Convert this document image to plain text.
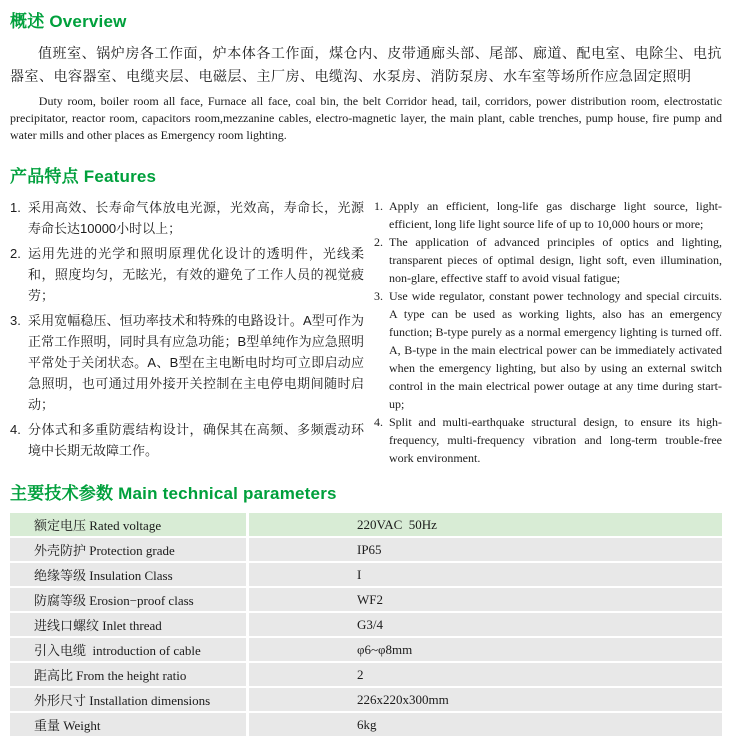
概述 Overview

值班室、锅炉房各工作面，炉本体各工作面，煤仓内、皮带通廊头部、尾部、廊道、配电室、电除尘、电抗器室、电容器室、电缆夹层、电磁层、主厂房、电缆沟、水泵房、消防泵房、水车室等场所作应急固定照明

Duty room, boiler room all face, Furnace all face, coal bin, the belt Corridor head, tail, corridors, power distribution room, electrostatic precipitator, reactor room, capacitors room,mezzanine cables, electro-magnetic layer, the main plant, cable trenches, pump house, fire pump and water mills and other places as Emergency room lighting.

产品特点 Features
1. 采用高效、长寿命气体放电光源，光效高，寿命长，光源寿命长达10000小时以上；
2. 运用先进的光学和照明原理优化设计的透明件，光线柔和，照度均匀，无眩光，有效的避免了工作人员的视觉疲劳；
3. 采用宽幅稳压、恒功率技术和特殊的电路设计。A型可作为正常工作照明，同时具有应急功能；B型单纯作为应急照明平常处于关闭状态。A、B型在主电断电时均可立即启动应急照明，也可通过用外接开关控制在主电停电期间随时启动；
4. 分体式和多重防震结构设计，确保其在高频、多频震动环境中长期无故障工作。
1. Apply an efficient, long-life gas discharge light source, light-efficient, long life light source life of up to 10,000 hours or more;
2. The application of advanced principles of optics and lighting, transparent pieces of optimal design, light soft, even illumination, non-glare, effective staff to avoid visual fatigue;
3. Use wide regulator, constant power technology and special circuits. A type can be used as working lights, also has an emergency function; B-type purely as a normal emergency lighting is turned off. A, B-type in the main electrical power can be immediately activated when the emergency lighting, but also by using an external switch control in the main electrical power outage at any time during start-up;
4. Split and multi-earthquake structural design, to ensure its high-frequency, multi-frequency vibration and long-term trouble-free work environment.
主要技术参数 Main technical parameters
额定电压 Rated voltage	220VAC  50Hz
外壳防护 Protection grade	IP65
绝缘等级 Insulation Class	I
防腐等级 Erosion−proof class	WF2
进线口螺纹 Inlet thread	G3/4
引入电缆  introduction of cable	φ6~φ8mm
距高比 From the height ratio	2
外形尺寸 Installation dimensions	226x220x300mm
重量 Weight	6kg
